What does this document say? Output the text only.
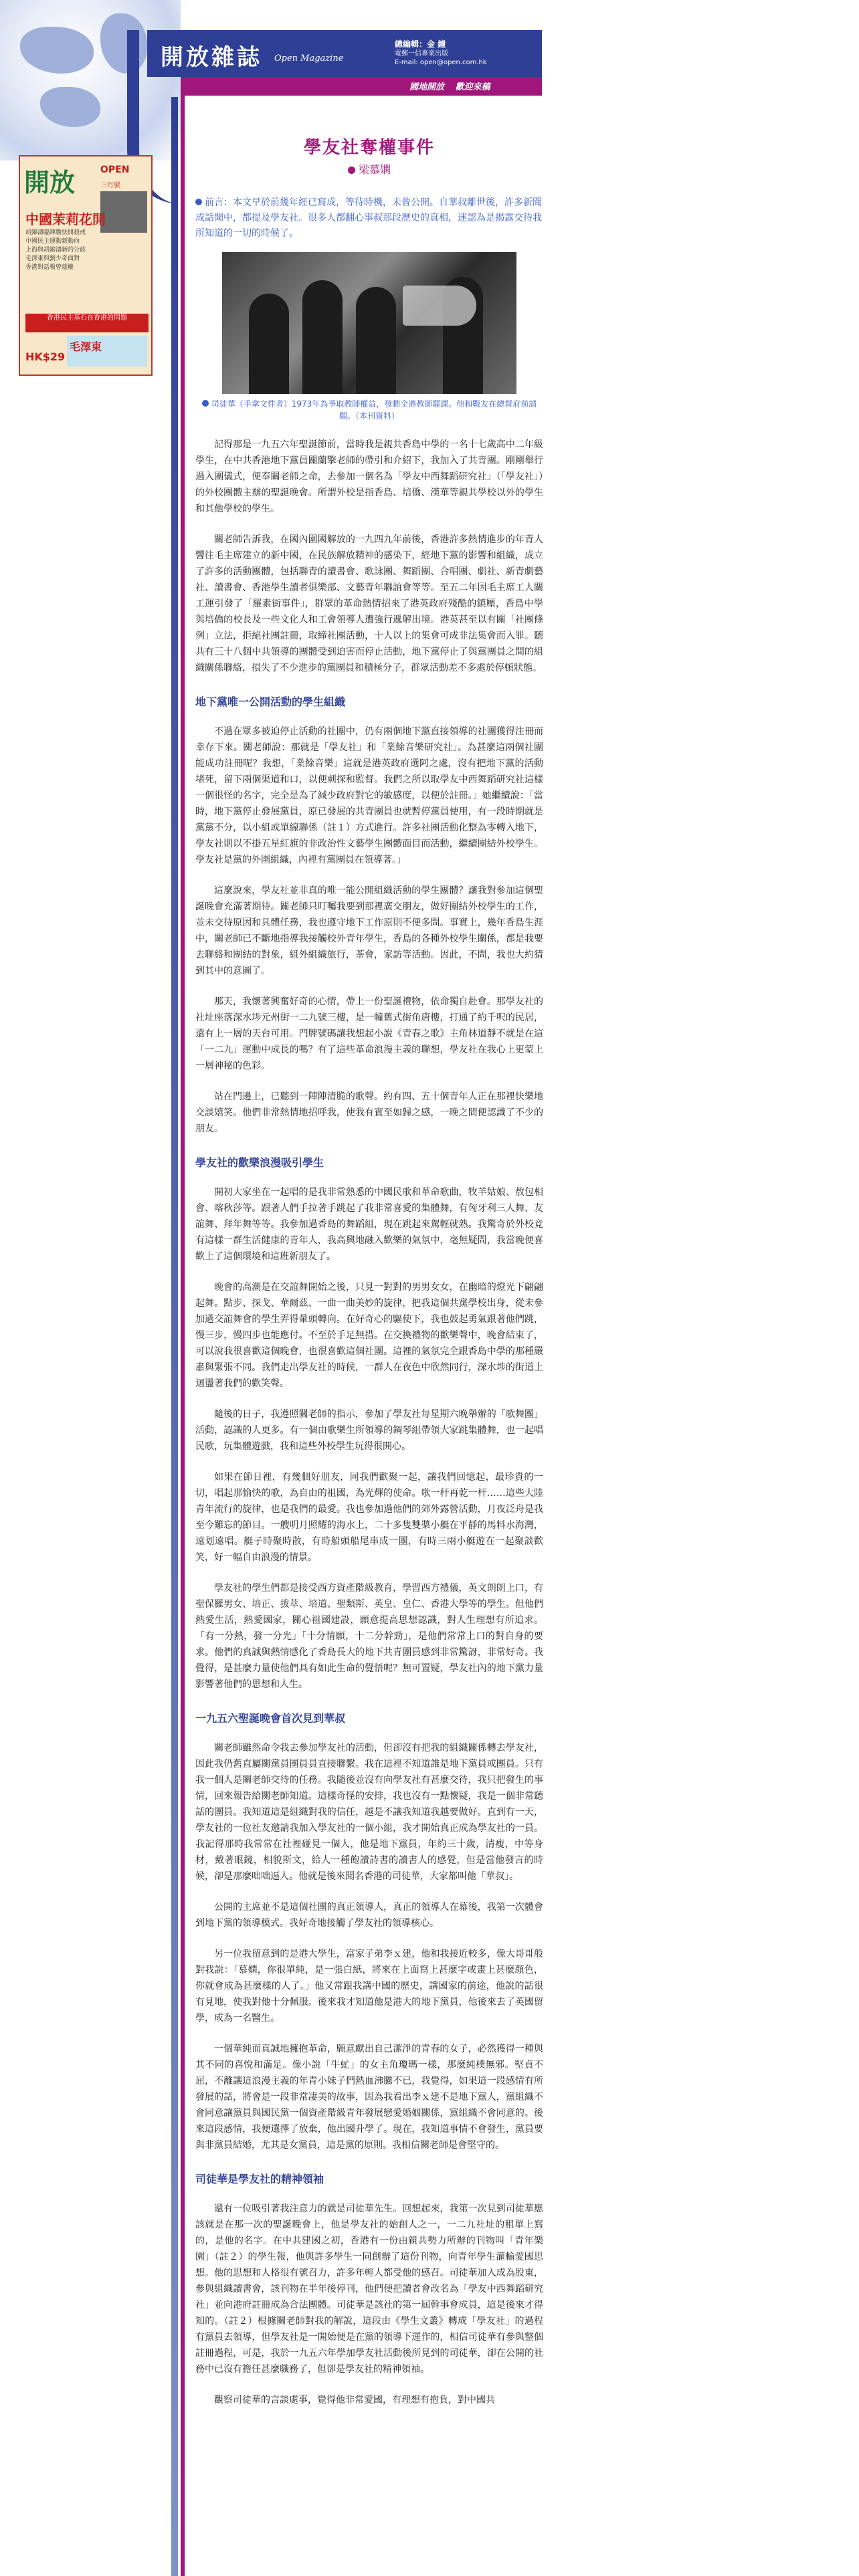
開放雜誌 Open Magazine
總編輯：金 鐘
電郵一信專業出版
E-mail: open@open.com.hk
國地開放 歡迎來稿
開放	OPEN
三月號
中國茉莉花開
胡錦濤臨陣膽怯開殺戒
中國民主運動新動向
上海與胡錦濤新的分歧
毛澤東與劉少奇面對
香港對話報曾蔭權
香港民主基石在香港的問題
毛澤東
HK$29
學友社奪權事件
梁慕嫻
前言：本文早於前幾年經已寫成，等待時機，未曾公開。自華叔離世後，許多新聞成話聞中，都提及學友社。很多人都翻心事叔那段歷史的真相，迷認為是揭露交待我所知道的一切的時候了。
司徒華（手拿文件者）1973年為爭取教師權益，發動全港教師罷課。他和戰友在總督府前請願。（本刊資料）

記得那是一九五六年聖誕節前，當時我是親共香島中學的一名十七歲高中二年級學生，在中共香港地下黨員關蘭擎老師的帶引和介紹下，我加入了共青團。剛剛舉行過入團儀式，便奉關老師之命，去參加一個名為「學友中西舞蹈研究社」（「學友社」）的外校團體主辦的聖誕晚會。所謂外校是指香島、培僑、漢華等親共學校以外的學生和其他學校的學生。

關老師告訴我，在國內圍國解放的一九四九年前後，香港許多熱情進步的年青人響往毛主席建立的新中國，在民族解放精神的感染下，經地下黨的影響和組織，成立了許多的活動團體，包括聯青的讀書會、歌詠團、舞蹈團、合唱團、劇社、新青劇藝社、讀書會、香港學生讀者俱樂部、文藝青年聯誼會等等。至五二年因毛主席工人關工運引發了「羅素街事件」，群眾的革命熱情招來了港英政府殘酷的鎮壓，香島中學與培僑的校長及一些文化人和工會領導人遭強行遞解出境。港英甚至以有關「社團條例」立法，拒絕社團註冊，取締社團活動，十人以上的集會可成非法集會而入罪。聽共有三十八個中共領導的團體受到迫害而停止活動，地下黨停止了與黨團員之間的組織關係聯絡，損失了不少進步的黨團員和積極分子，群眾活動差不多處於停頓狀態。

地下黨唯一公開活動的學生組織

不過在眾多被迫停止活動的社團中，仍有兩個地下黨直接領導的社團獲得注冊而幸存下來。關老師說：那就是「學友社」和「業餘音樂研究社」。為甚麼這兩個社團能成功註冊呢？我想，「業餘音樂」這就是港英政府選阿之處，沒有把地下黨的活動堵死，留下兩個渠道和口，以便刺探和監督。我們之所以取學友中西舞蹈研究社這樣一個很怪的名字，完全是為了減少政府對它的敏感度，以便於註冊。」她繼續說：「當時，地下黨停止發展黨員，原已發展的共青團員也就暫停黨員使用，有一段時期就是黨黨不分，以小組或單線聯係（註１）方式進行。許多社團活動化整為零轉入地下，學友社則以不掛五星紅旗的非政治性文藝學生團體面目而活動，繼續團結外校學生。學友社是黨的外圍組織，內裡有黨團員在領導著。」

這麼說來，學友社並非真的唯一能公開組織活動的學生團體？讓我對參加這個聖誕晚會充滿著期待。關老師只叮囑我要到那裡廣交朋友，做好團結外校學生的工作，並未交待原因和具體任務，我也遵守地下工作原則不便多問。事實上，幾年香島生涯中，關老師已不斷地指導我接觸校外青年學生，香島的各種外校學生關係，都是我要去聯絡和團結的對象，組外組織旅行，茶會，家訪等活動。因此，不問，我也大約猜到其中的意圖了。

那天，我懷著興奮好奇的心情，帶上一份聖誕禮物，依命獨自赴會。那學友社的社址座落深水埗元州街一二九號三樓，是一幢舊式街角唐樓，打通了約千呎的民居，還有上一層的天台可用。門牌號碼讓我想起小說《青春之歌》主角林道靜不就是在這「一二九」運動中成長的嗎？有了這些革命浪漫主義的聯想，學友社在我心上更蒙上一層神秘的色彩。

站在門邊上，已聽到一陣陣清脆的歌聲。約有四、五十個青年人正在那裡快樂地交談嬉笑。他們非常熱情地招呼我，使我有賓至如歸之感，一晚之間便認識了不少的朋友。

學友社的歡樂浪漫吸引學生

開初大家坐在一起唱的是我非常熟悉的中國民歌和革命歌曲，牧羊姑娘、敖包相會、喀秋莎等。跟著人們手拉著手跳起了我非常喜愛的集體舞，有匈牙利三人舞、友誼舞、拜年舞等等。我參加過香島的舞蹈組，現在跳起來駕輕就熟。我驚奇於外校竟有這樣一群生活健康的青年人，我高興地融入歡樂的氣氛中，毫無疑問，我當晚便喜歡上了這個環境和這班新朋友了。

晚會的高潮是在交誼舞開始之後，只見一對對的男男女女，在幽暗的燈光下翩翩起舞。點步、探戈、華爾茲、一曲一曲美妙的旋律，把我這個共黨學校出身，從未參加過交誼舞會的學生弄得暈頭轉向。在好奇心的驅使下，我也鼓起勇氣跟著他們跳，慢三步，慢四步也能應付。不至於手足無措。在交換禮物的歡樂聲中，晚會結束了，可以說我很喜歡這個晚會，也很喜歡這個社團。這裡的氣氛完全跟香島中學的那種嚴肅與緊張不同。我們走出學友社的時候，一群人在夜色中欣然同行，深水埗的街道上迴盪著我們的歡笑聲。

隨後的日子，我遵照關老師的指示，參加了學友社每星期六晚舉辦的「歌舞團」活動，認識的人更多。有一個由歌樂生所領導的鋼琴組帶領大家跳集體舞，也一起唱民歌，玩集體遊戲，我和這些外校學生玩得很開心。

如果在節日裡，有幾個好朋友，同我們歡聚一起，讓我們回憶起，最珍貴的一切，唱起那愉快的歌，為自由的祖國，為光輝的使命。歌一杆再乾一杆……這些大陸青年流行的旋律，也是我們的最愛。我也參加過他們的郊外露營活動，月夜泛舟是我至今難忘的節目。一艘明月照耀的海水上，二十多隻雙槳小艇在平靜的馬料水海灣，遠划遠唱。艇子時聚時散，有時船頭船尾串成一團，有時三兩小艇遊在一起聚談歡笑，好一幅自由浪漫的情景。

學友社的學生們都是接受西方資產階級教育，學習西方禮儀，英文朗朗上口，有聖保羅男女、培正、拔萃、培道、聖類斯、英皇、皇仁、香港大學等的學生。但他們熱愛生活，熱愛國家，關心祖國建設，願意提高思想認識，對人生理想有所追求。「有一分熱，發一分光」「十分情願，十二分幹勁」，是他們常常上口的對自身的要求。他們的真誠與熱情感化了香島長大的地下共青團員感到非常驚訝，非常好奇。我覺得，是甚麼力量使他們具有如此生命的覺悟呢？無可置疑，學友社內的地下黨力量影響著他們的思想和人生。

一九五六聖誕晚會首次見到華叔

關老師雖然命令我去參加學友社的活動，但卻沒有把我的組織關係轉去學友社，因此我仍舊直屬關黨員團員員直接聯繫。我在這裡不知道誰是地下黨員或團員。只有我一個人是關老師交待的任務。我隨後並沒有向學友社有甚麼交待，我只把發生的事情，回來報告給關老師知道。這樣奇怪的安排，我也沒有一點懷疑，我是一個非常聽話的團員。我知道這是組織對我的信任，越是不讓我知道我越要做好。直到有一天，學友社的一位社友邀請我加入學友社的一個小組，我才開始真正成為學友社的一員。我記得那時我常常在社裡碰見一個人，他是地下黨員，年約三十歲，清瘦，中等身材，戴著眼鏡，相貌斯文，給人一種飽讀詩書的讀書人的感覺，但是當他發言的時候，卻是那麼咄咄逼人。他就是後來聞名香港的司徒華，大家都叫他「華叔」。

公開的主席並不是這個社團的真正領導人，真正的領導人在幕後，我第一次體會到地下黨的領導模式。我好奇地接觸了學友社的領導核心。

另一位我留意到的是港大學生，富家子弟李ｘ建，他和我接近較多，像大哥哥般對我說：「慕嫻，你很單純，是一張白紙，將來在上面寫上甚麼字或畫上甚麼顏色，你就會成為甚麼樣的人了。」他又常跟我講中國的歷史，講國家的前途，他說的話很有見地，使我對他十分佩服。後來我才知道他是港大的地下黨員，他後來去了英國留學，成為一名醫生。

一個華純而真誠地擁抱革命，願意獻出自己潔淨的青春的女子，必然獲得一種與其不同的喜悅和滿足。像小說「牛虻」的女主角瓊瑪一樣，那麼純樸無邪。堅貞不屈，不離讓這浪漫主義的年青小妹子們熱血沸騰不已，我覺得，如果這一段感情有所發展的話，將會是一段非常凄美的故事，因為我看出李ｘ建不是地下黨人，黨組織不會同意讓黨員與國民黨一個資產階級青年發展戀愛婚姻關係，黨組織不會同意的。後來這段感情，我便選擇了放棄，他出國升學了。現在，我知道事情不會發生，黨員要與非黨員結婚，尤其是女黨員，這是黨的原則。我相信關老師是會堅守的。

司徒華是學友社的精神領袖

還有一位吸引著我注意力的就是司徒華先生。回想起來，我第一次見到司徒華應該就是在那一次的聖誕晚會上，他是學友社的始創人之一，一二九社址的租單上寫的，是他的名字。在中共建國之初，香港有一份由親共勢力所辦的刊物叫「青年樂園」（註２）的學生報，他與許多學生一同創辦了這份刊物，向青年學生灌輸愛國思想。他的思想和人格很有號召力，許多年輕人都受他的感召。司徒華加入成為股東，參與組織讀書會，該刊物在半年後停刊，他們便把讀者會改名為「學友中西舞蹈研究社」並向港府註冊成為合法團體。司徒華是該社的第一屆幹事會成員，這是後來才得知的。（註２）根據關老師對我的解說，這段由《學生文叢》轉成「學友社」的過程有黨員去領導，但學友社是一開始便是在黨的領導下運作的，相信司徒華有參與整個註冊過程，可是，我於一九五六年學加學友社活動後所見到的司徒華，卻在公開的社務中已沒有擔任甚麼職務了，但卻是學友社的精神領袖。

觀察司徒華的言談處事，覺得他非常愛國，有理想有抱負，對中國共
